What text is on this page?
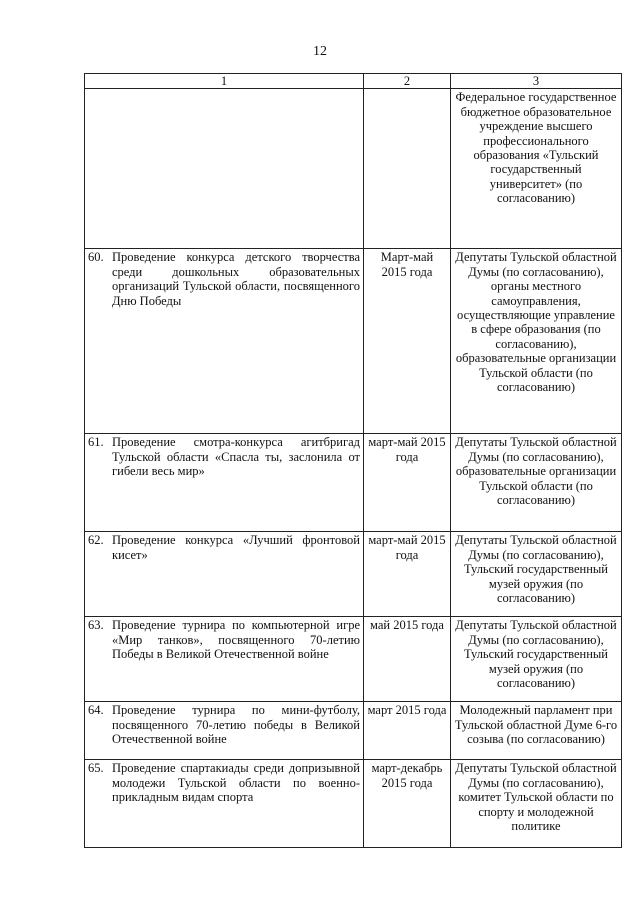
12
1	2	3

		Федеральное государственное бюджетное образовательное учреждение высшего профессионального образования «Тульский государственный университет» (по согласованию)

60. Проведение конкурса детского творчества среди дошкольных образовательных организаций Тульской области, посвященного Дню Победы	Март-май 2015 года	Депутаты Тульской областной Думы (по согласованию), органы местного самоуправления, осуществляющие управление в сфере образования (по согласованию), образовательные организации Тульской области (по согласованию)

61. Проведение смотра-конкурса агитбригад Тульской области «Спасла ты, заслонила от гибели весь мир»	март-май 2015 года	Депутаты Тульской областной Думы (по согласованию), образовательные организации Тульской области (по согласованию)

62. Проведение конкурса «Лучший фронтовой кисет»	март-май 2015 года	Депутаты Тульской областной Думы (по согласованию), Тульский государственный музей оружия (по согласованию)

63. Проведение турнира по компьютерной игре «Мир танков», посвященного 70-летию Победы в Великой Отечественной войне	май 2015 года	Депутаты Тульской областной Думы (по согласованию), Тульский государственный музей оружия (по согласованию)

64. Проведение турнира по мини-футболу, посвященного 70-летию победы в Великой Отечественной войне	март 2015 года	Молодежный парламент при Тульской областной Думе 6-го созыва (по согласованию)

65. Проведение спартакиады среди допризывной молодежи Тульской области по военно-прикладным видам спорта	март-декабрь 2015 года	Депутаты Тульской областной Думы (по согласованию), комитет Тульской области по спорту и молодежной политике
